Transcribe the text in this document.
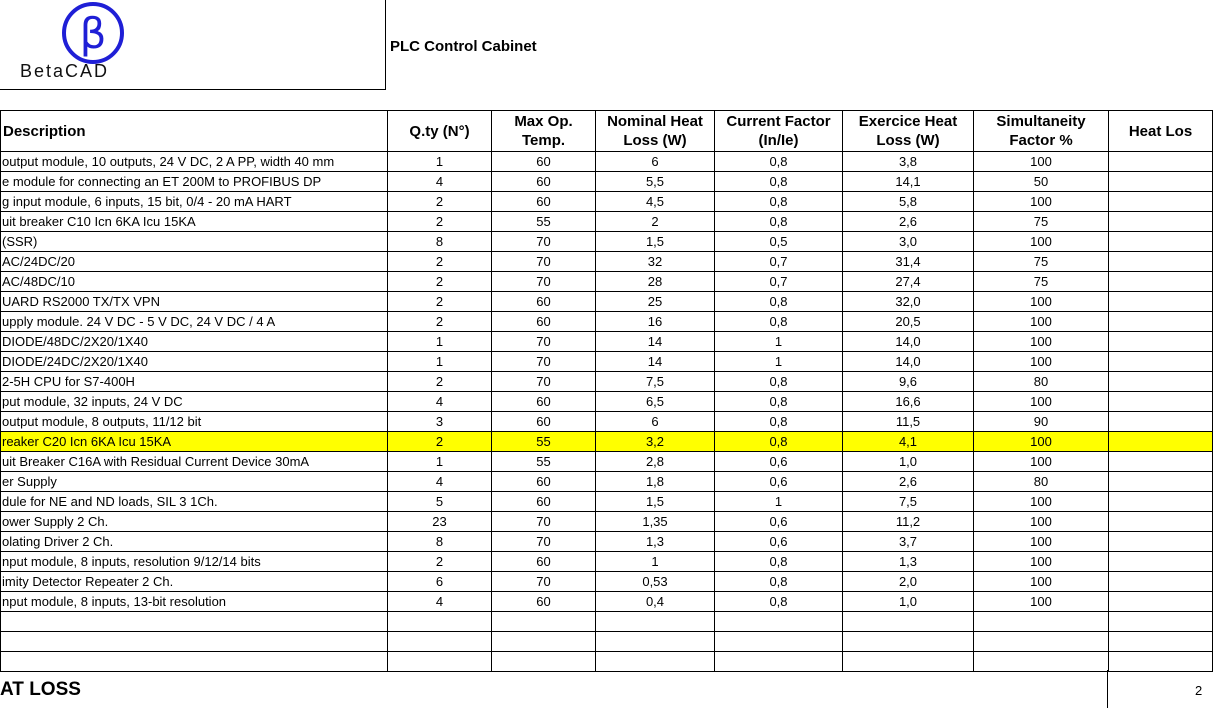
β
BetaCAD
PLC Control Cabinet
Description	Q.ty (N°)	Max Op. Temp.	Nominal Heat Loss (W)	Current Factor (In/Ie)	Exercice Heat Loss (W)	Simultaneity Factor %	Heat Los
output module, 10 outputs, 24 V DC, 2 A PP, width 40 mm	1	60	6	0,8	3,8	100	
e module for connecting an ET 200M to PROFIBUS DP	4	60	5,5	0,8	14,1	50	
g input module, 6 inputs, 15 bit, 0/4 - 20 mA HART	2	60	4,5	0,8	5,8	100	
uit breaker C10 Icn 6KA Icu 15KA	2	55	2	0,8	2,6	75	
(SSR)	8	70	1,5	0,5	3,0	100	
AC/24DC/20	2	70	32	0,7	31,4	75	
AC/48DC/10	2	70	28	0,7	27,4	75	
UARD RS2000 TX/TX VPN	2	60	25	0,8	32,0	100	
upply module. 24 V DC - 5 V DC, 24 V DC / 4 A	2	60	16	0,8	20,5	100	
DIODE/48DC/2X20/1X40	1	70	14	1	14,0	100	
DIODE/24DC/2X20/1X40	1	70	14	1	14,0	100	
2-5H CPU for S7-400H	2	70	7,5	0,8	9,6	80	
put module, 32 inputs, 24 V DC	4	60	6,5	0,8	16,6	100	
output module, 8 outputs, 11/12 bit	3	60	6	0,8	11,5	90	
reaker C20 Icn 6KA Icu 15KA	2	55	3,2	0,8	4,1	100	
uit Breaker C16A with Residual Current Device 30mA	1	55	2,8	0,6	1,0	100	
er Supply	4	60	1,8	0,6	2,6	80	
dule for NE and ND loads, SIL 3 1Ch.	5	60	1,5	1	7,5	100	
ower Supply 2 Ch.	23	70	1,35	0,6	11,2	100	
olating Driver 2 Ch.	8	70	1,3	0,6	3,7	100	
nput module, 8 inputs, resolution 9/12/14 bits	2	60	1	0,8	1,3	100	
imity Detector Repeater 2 Ch.	6	70	0,53	0,8	2,0	100	
nput module, 8 inputs, 13-bit resolution	4	60	0,4	0,8	1,0	100	

AT LOSS	2
